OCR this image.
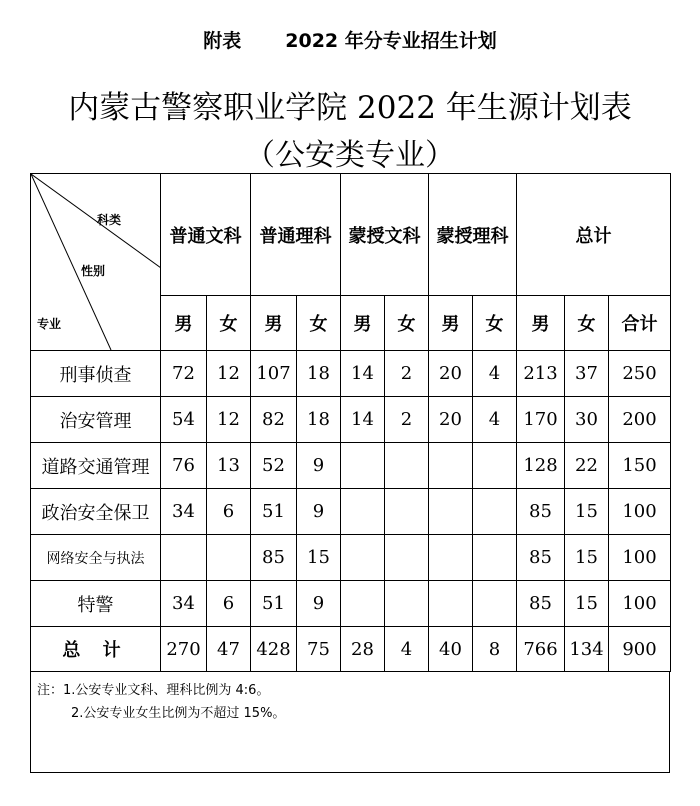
附表 2022 年分专业招生计划
内蒙古警察职业学院 2022 年生源计划表
（公安类专业）
科类
性别
专业	普通文科		普通理科		蒙授文科		蒙授理科		总计		
	男	女	男	女	男	女	男	女	男	女	合计
刑事侦查	72	12	107	18	14	2	20	4	213	37	250
治安管理	54	12	82	18	14	2	20	4	170	30	200
道路交通管理	76	13	52	9					128	22	150
政治安全保卫	34	6	51	9					85	15	100
网络安全与执法			85	15					85	15	100
特警	34	6	51	9					85	15	100
总 计	270	47	428	75	28	4	40	8	766	134	900
注：1.公安专业文科、理科比例为 4:6。
2.公安专业女生比例为不超过 15%。
